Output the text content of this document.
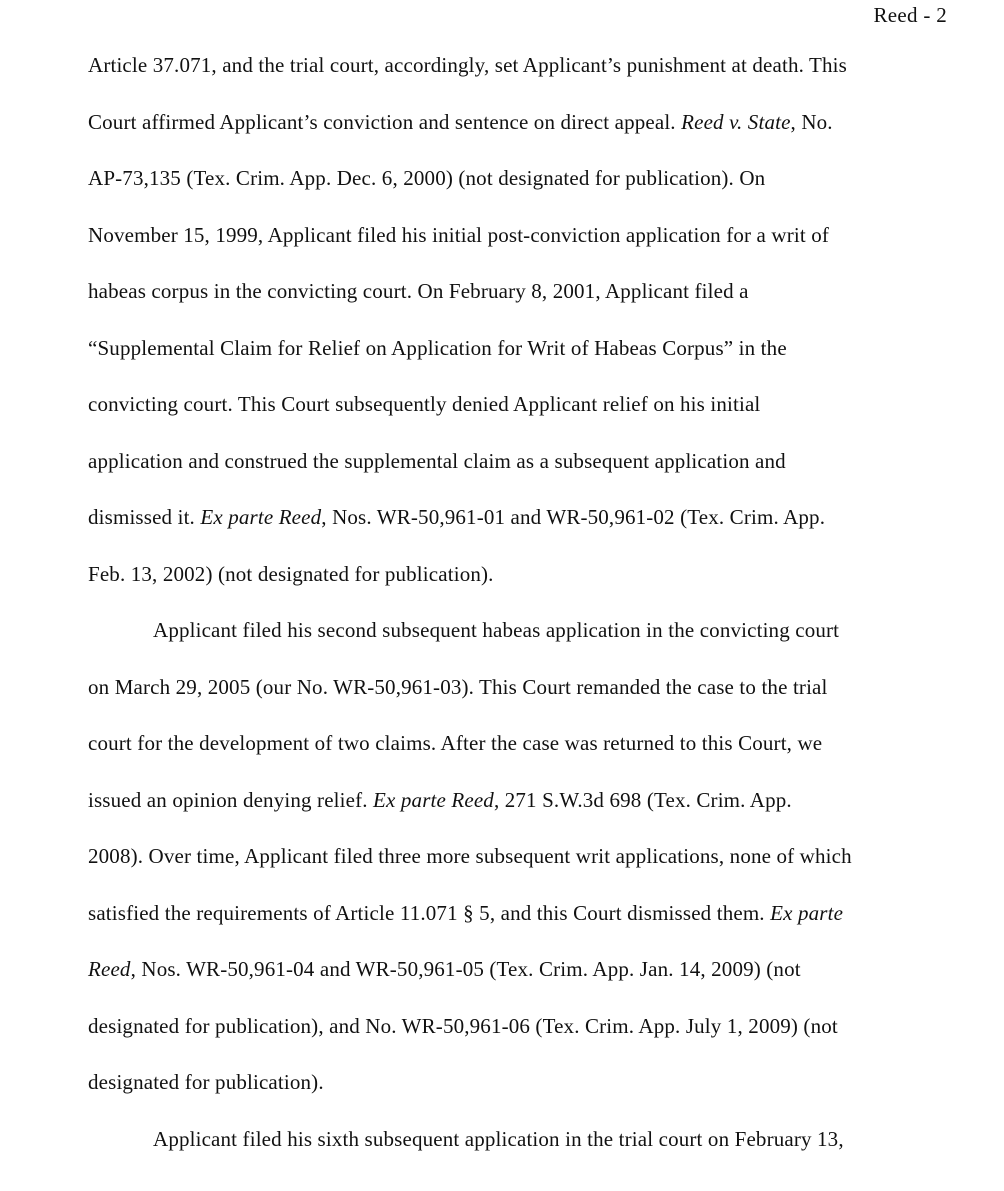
Reed - 2
Article 37.071, and the trial court, accordingly, set Applicant’s punishment at death. This
Court affirmed Applicant’s conviction and sentence on direct appeal. Reed v. State, No.
AP-73,135 (Tex. Crim. App. Dec. 6, 2000) (not designated for publication). On
November 15, 1999, Applicant filed his initial post-conviction application for a writ of
habeas corpus in the convicting court. On February 8, 2001, Applicant filed a
“Supplemental Claim for Relief on Application for Writ of Habeas Corpus” in the
convicting court. This Court subsequently denied Applicant relief on his initial
application and construed the supplemental claim as a subsequent application and
dismissed it. Ex parte Reed, Nos. WR-50,961-01 and WR-50,961-02 (Tex. Crim. App.
Feb. 13, 2002) (not designated for publication).
Applicant filed his second subsequent habeas application in the convicting court
on March 29, 2005 (our No. WR-50,961-03). This Court remanded the case to the trial
court for the development of two claims. After the case was returned to this Court, we
issued an opinion denying relief. Ex parte Reed, 271 S.W.3d 698 (Tex. Crim. App.
2008). Over time, Applicant filed three more subsequent writ applications, none of which
satisfied the requirements of Article 11.071 § 5, and this Court dismissed them. Ex parte
Reed, Nos. WR-50,961-04 and WR-50,961-05 (Tex. Crim. App. Jan. 14, 2009) (not
designated for publication), and No. WR-50,961-06 (Tex. Crim. App. July 1, 2009) (not
designated for publication).
Applicant filed his sixth subsequent application in the trial court on February 13,
